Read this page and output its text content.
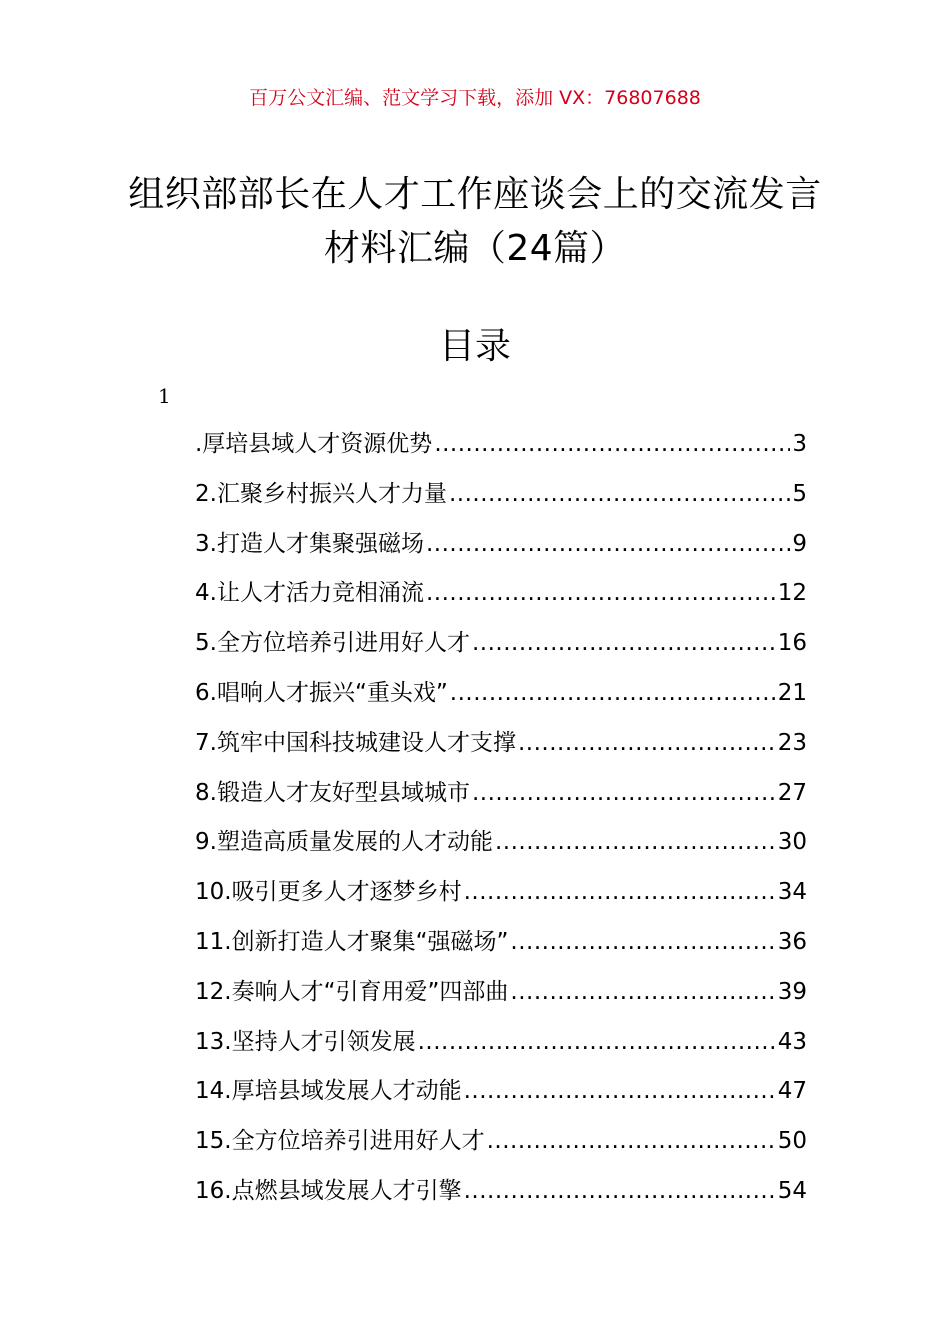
百万公文汇编、范文学习下载，添加 VX：76807688
组织部部长在人才工作座谈会上的交流发言材料汇编（24篇）
目录
1
.厚培县域人才资源优势 .....	3
2.汇聚乡村振兴人才力量 .....	5
3.打造人才集聚强磁场 .....	9
4.让人才活力竞相涌流 .....	12
5.全方位培养引进用好人才 .....	16
6.唱响人才振兴“重头戏” .....	21
7.筑牢中国科技城建设人才支撑 .....	23
8.锻造人才友好型县域城市 .....	27
9.塑造高质量发展的人才动能 .....	30
10.吸引更多人才逐梦乡村 .....	34
11.创新打造人才聚集“强磁场” .....	36
12.奏响人才“引育用爱”四部曲 .....	39
13.坚持人才引领发展 .....	43
14.厚培县域发展人才动能 .....	47
15.全方位培养引进用好人才 .....	50
16.点燃县域发展人才引擎 .....	54
